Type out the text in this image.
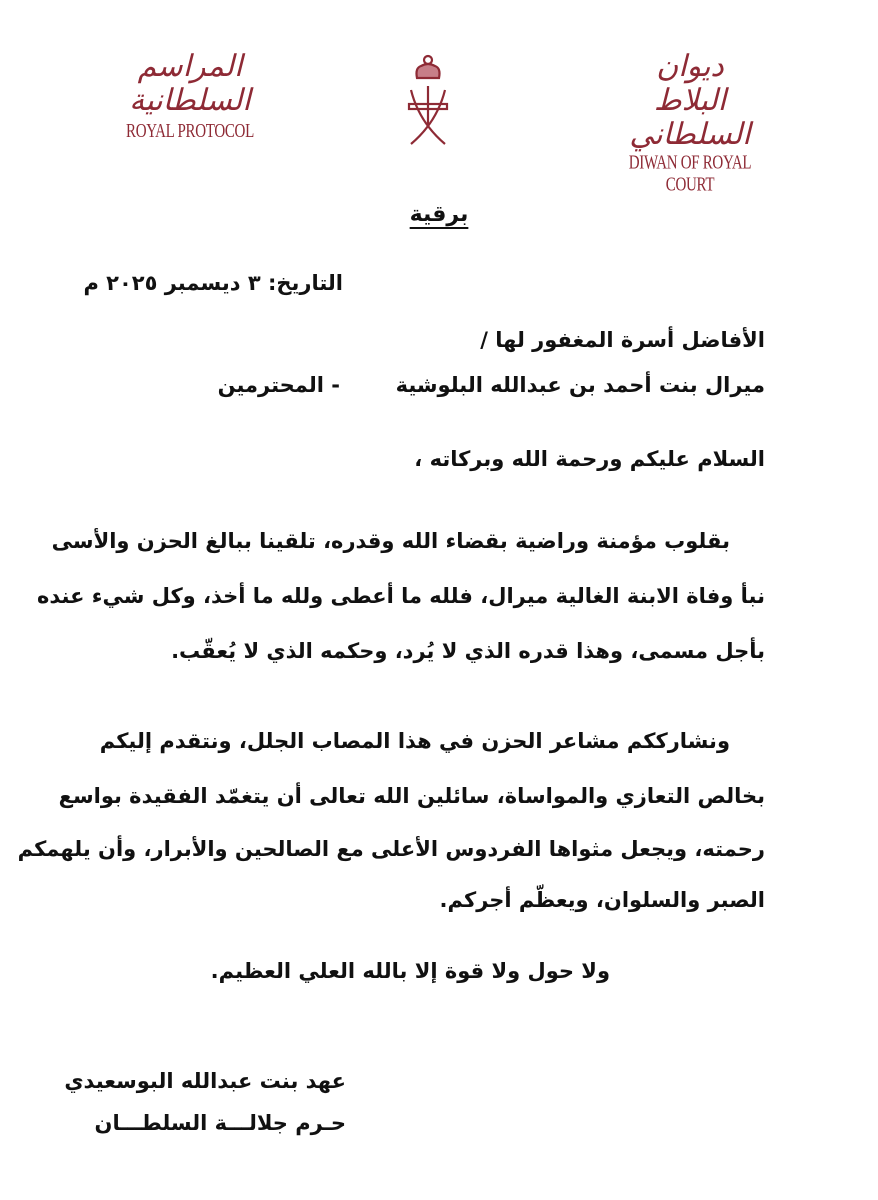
المراسم السلطانية
ROYAL PROTOCOL
ديوان البلاط السلطاني
DIWAN OF ROYAL COURT
برقية
التاريخ: ٣ ديسمبر ٢٠٢٥ م
الأفاضل أسرة المغفور لها /
ميرال بنت أحمد بن عبدالله البلوشية
- المحترمين
السلام عليكم ورحمة الله وبركاته ،
بقلوب مؤمنة وراضية بقضاء الله وقدره، تلقينا ببالغ الحزن والأسى
نبأ وفاة الابنة الغالية ميرال، فلله ما أعطى ولله ما أخذ، وكل شيء عنده
بأجل مسمى، وهذا قدره الذي لا يُرد، وحكمه الذي لا يُعقّب.
ونشارككم مشاعر الحزن في هذا المصاب الجلل، ونتقدم إليكم
بخالص التعازي والمواساة، سائلين الله تعالى أن يتغمّد الفقيدة بواسع
رحمته، ويجعل مثواها الفردوس الأعلى مع الصالحين والأبرار، وأن يلهمكم
الصبر والسلوان، ويعظّم أجركم.
ولا حول ولا قوة إلا بالله العلي العظيم.
عهد بنت عبدالله البوسعيدي
حـرم جلالـــة السلطـــان
